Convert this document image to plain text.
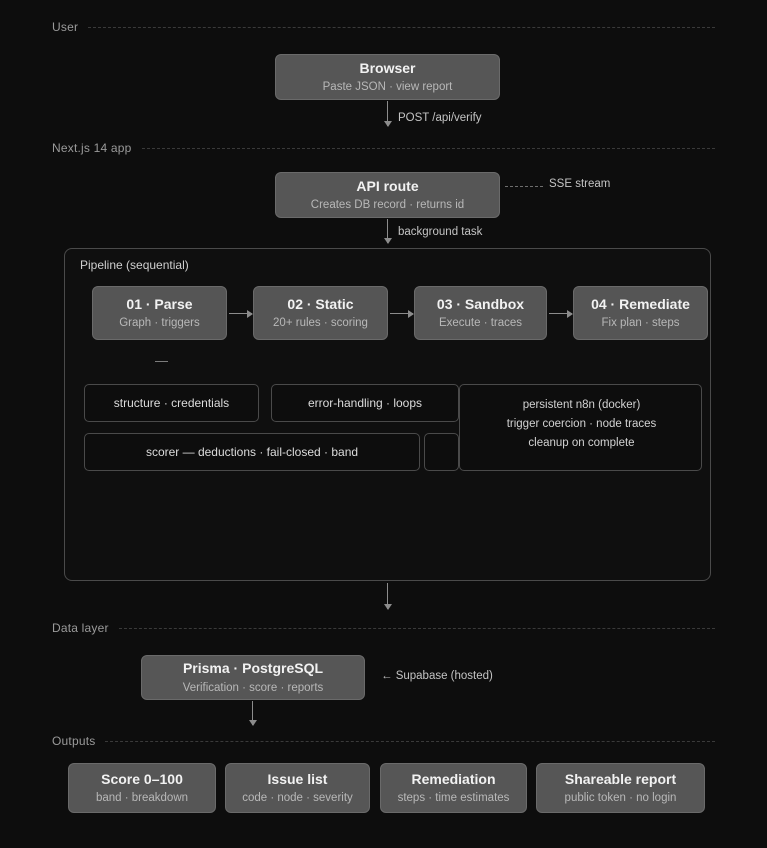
User
Browser
Paste JSON · view report
POST /api/verify
Next.js 14 app
API route
Creates DB record · returns id
SSE stream
background task
Pipeline (sequential)
01 · Parse
Graph · triggers
02 · Static
20+ rules · scoring
03 · Sandbox
Execute · traces
04 · Remediate
Fix plan · steps
—
structure · credentials	error-handling · loops
scorer — deductions · fail-closed · band
persistent n8n (docker)
trigger coercion · node traces
cleanup on complete
Data layer
Prisma · PostgreSQL
Verification · score · reports
← Supabase (hosted)
Outputs
Score 0–100
band · breakdown
Issue list
code · node · severity
Remediation
steps · time estimates
Shareable report
public token · no login
